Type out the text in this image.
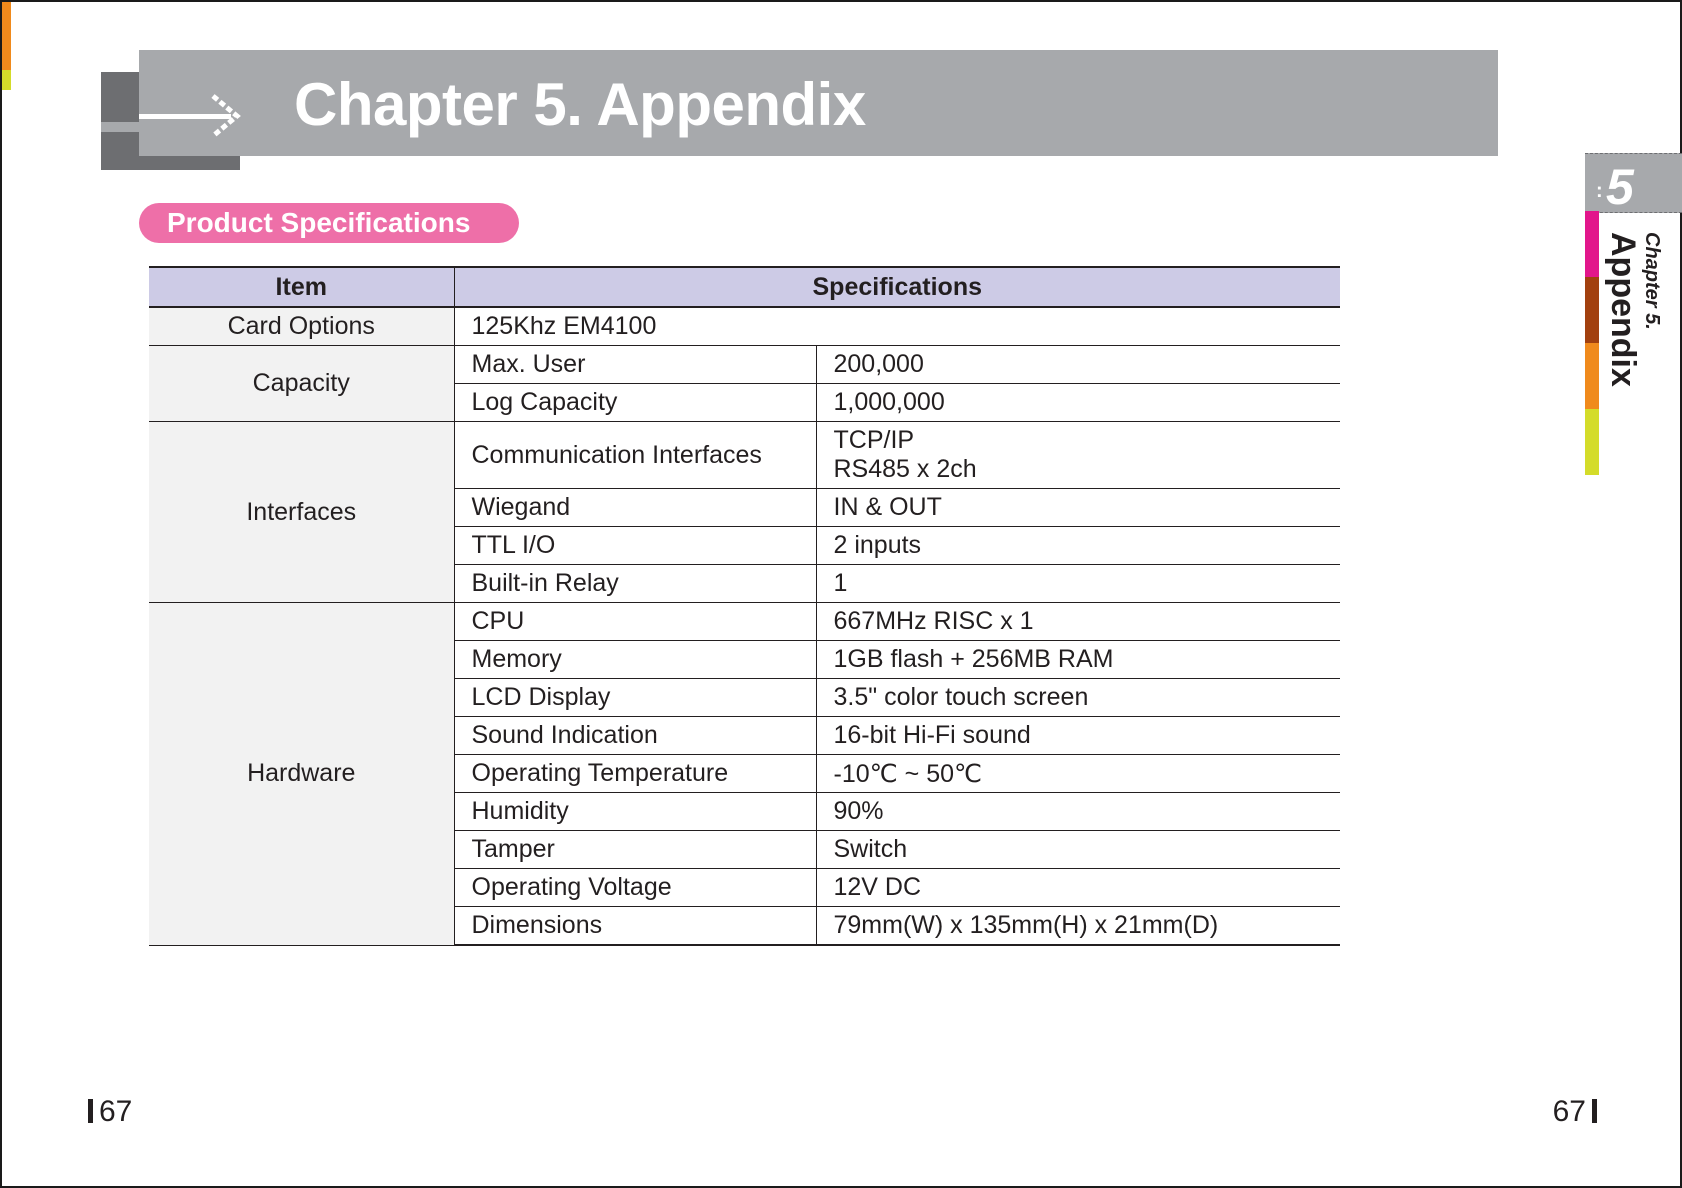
Chapter 5. Appendix
Product Specifications
Item	Specifications	
Card Options	125Khz EM4100	
Capacity	Max. User	200,000
	Log Capacity	1,000,000
Interfaces	Communication Interfaces	TCP/IP
RS485 x 2ch

	Wiegand	IN & OUT
	TTL I/O	2 inputs
	Built-in Relay	1
Hardware	CPU	667MHz RISC x 1
	Memory	1GB flash + 256MB RAM
	LCD Display	3.5" color touch screen
	Sound Indication	16-bit Hi-Fi sound
	Operating Temperature	-10℃ ~ 50℃
	Humidity	90%
	Tamper	Switch
	Operating Voltage	12V DC
	Dimensions	79mm(W) x 135mm(H) x 21mm(D)
: 5
Appendix Chapter 5.
67	67
